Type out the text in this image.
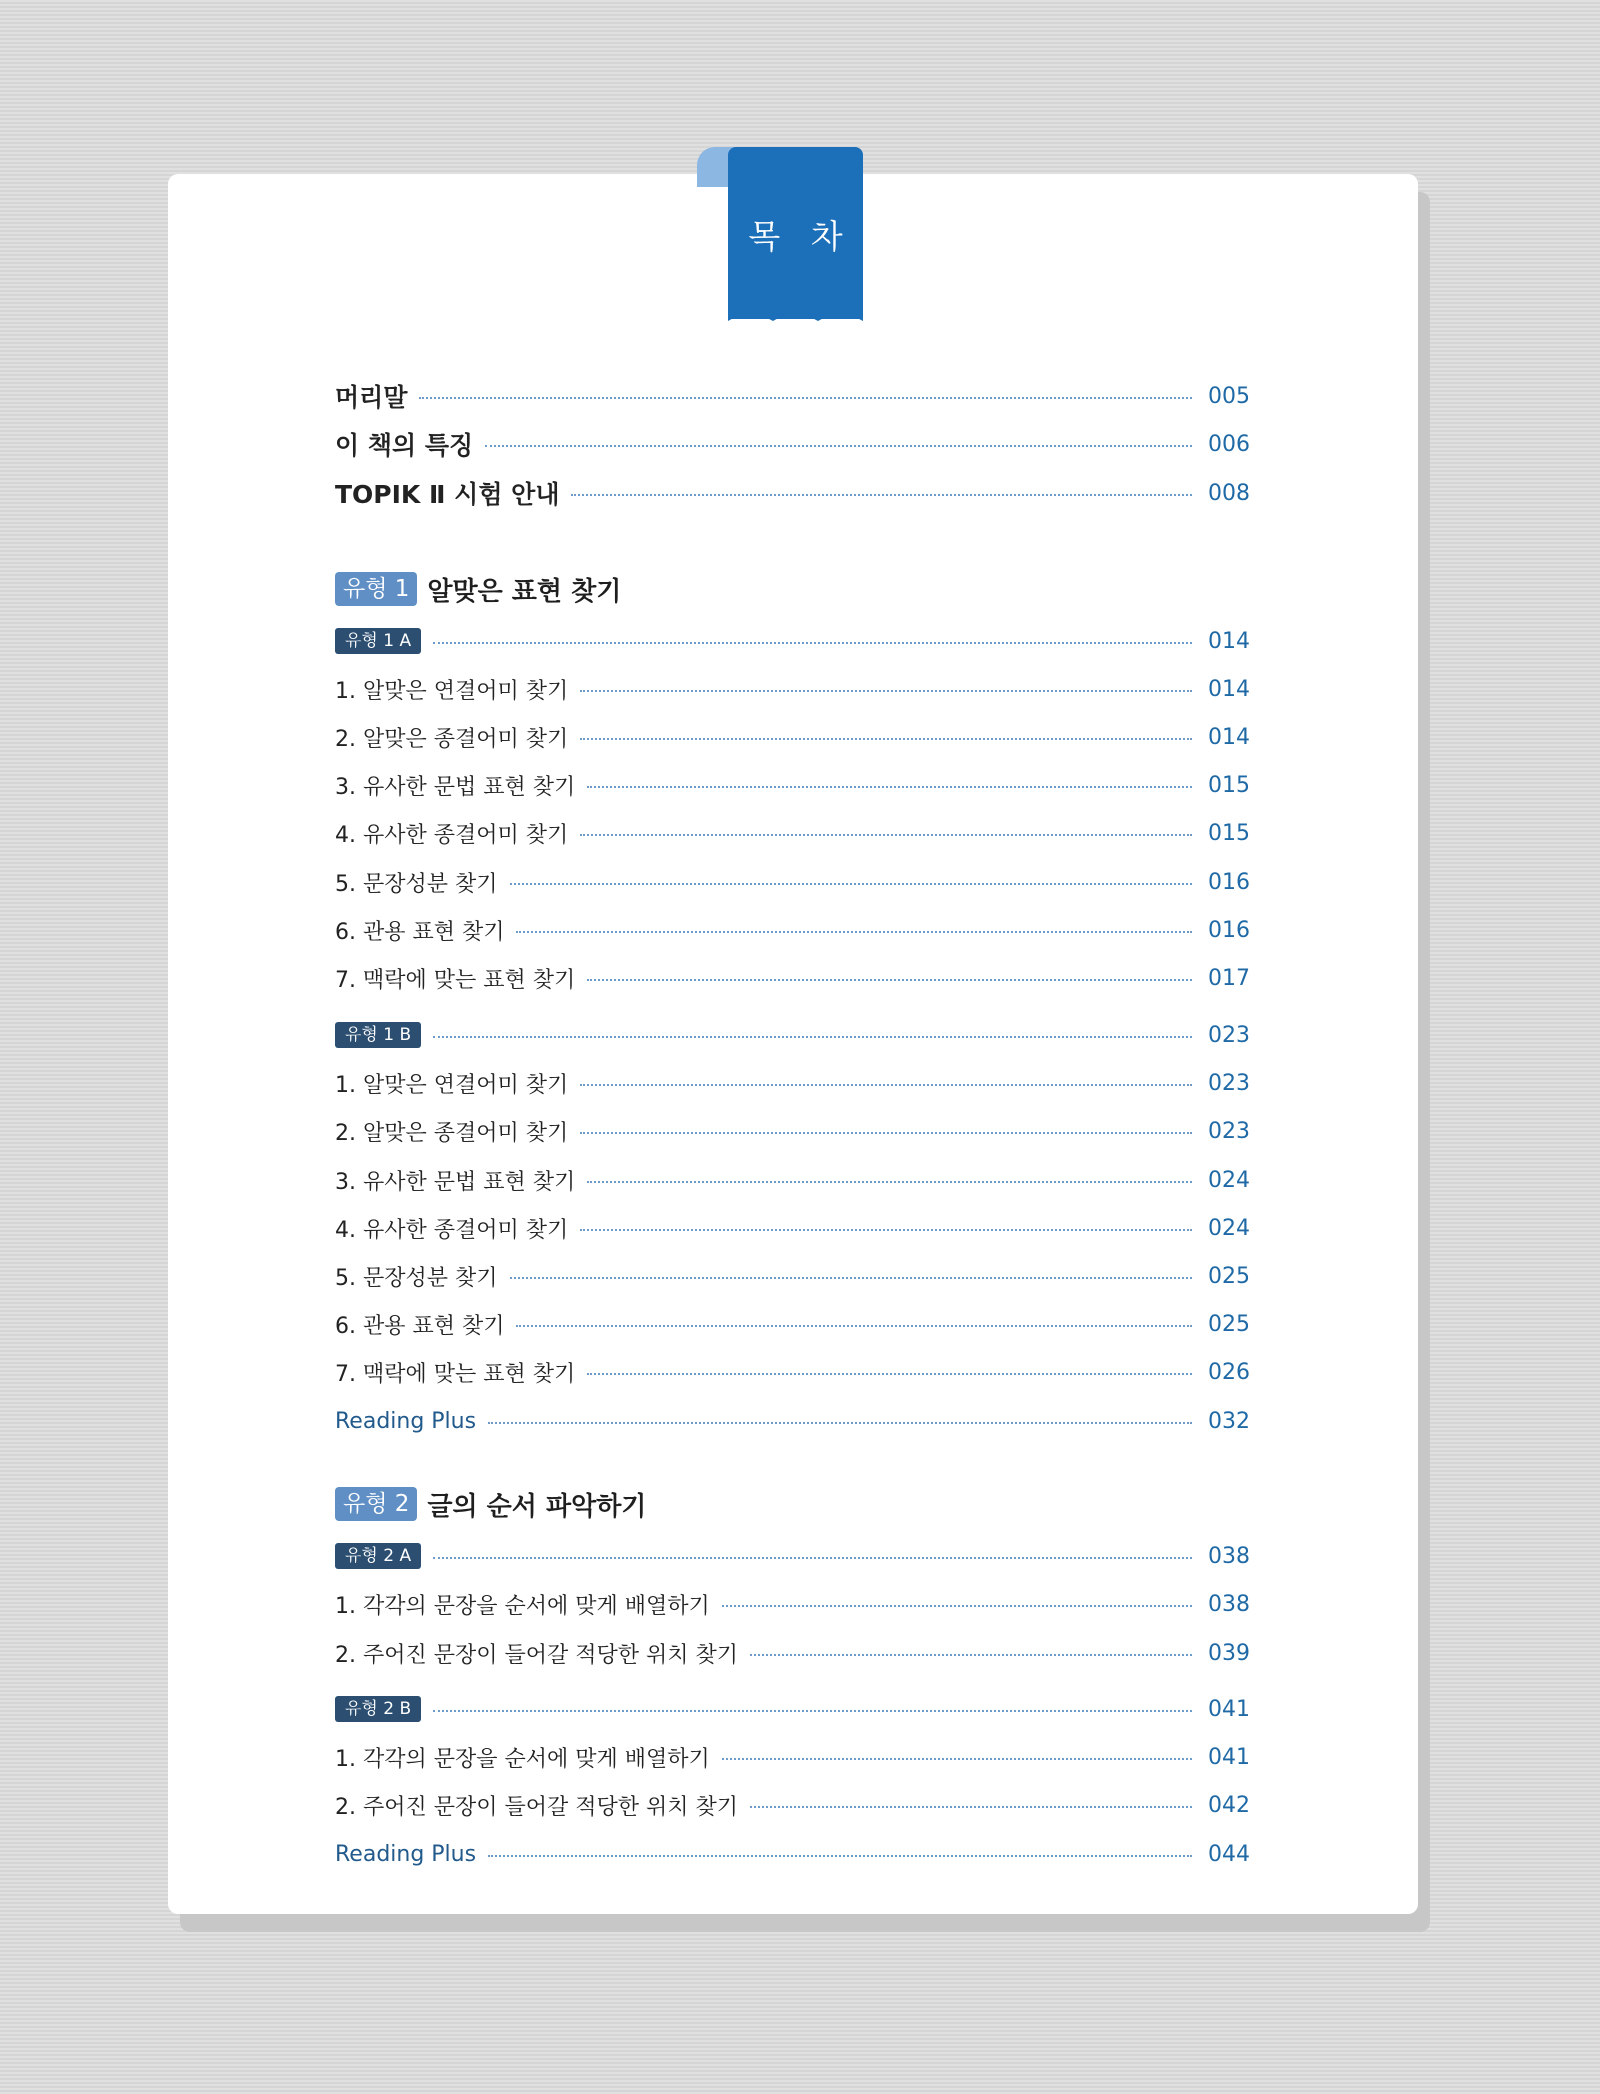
목 차
머리말	005
이 책의 특징	006
TOPIK Ⅱ 시험 안내	008
유형 1 알맞은 표현 찾기
유형 1 A	014
1. 알맞은 연결어미 찾기	014
2. 알맞은 종결어미 찾기	014
3. 유사한 문법 표현 찾기	015
4. 유사한 종결어미 찾기	015
5. 문장성분 찾기	016
6. 관용 표현 찾기	016
7. 맥락에 맞는 표현 찾기	017
유형 1 B	023
1. 알맞은 연결어미 찾기	023
2. 알맞은 종결어미 찾기	023
3. 유사한 문법 표현 찾기	024
4. 유사한 종결어미 찾기	024
5. 문장성분 찾기	025
6. 관용 표현 찾기	025
7. 맥락에 맞는 표현 찾기	026
Reading Plus	032
유형 2 글의 순서 파악하기
유형 2 A	038
1. 각각의 문장을 순서에 맞게 배열하기	038
2. 주어진 문장이 들어갈 적당한 위치 찾기	039
유형 2 B	041
1. 각각의 문장을 순서에 맞게 배열하기	041
2. 주어진 문장이 들어갈 적당한 위치 찾기	042
Reading Plus	044
